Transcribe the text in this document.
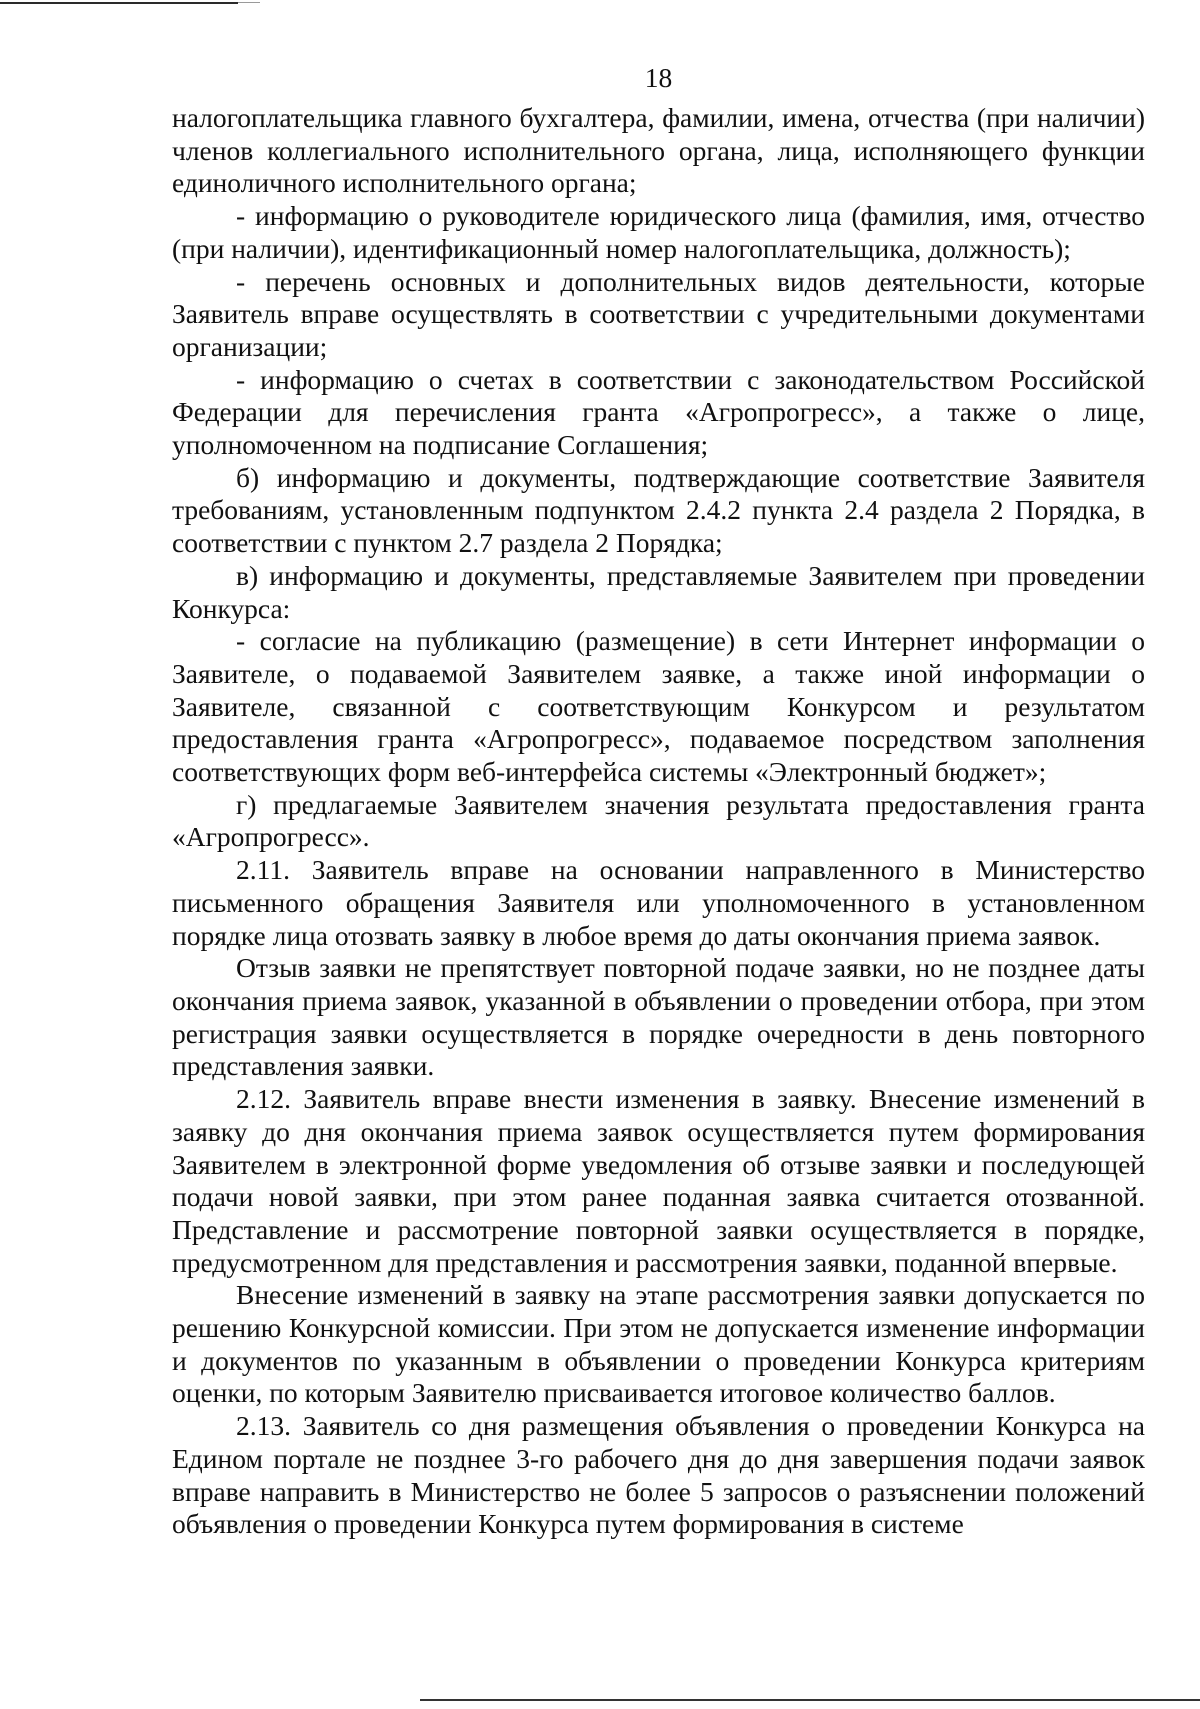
18

налогоплательщика главного бухгалтера, фамилии, имена, отчества (при наличии) членов коллегиального исполнительного органа, лица, исполняющего функции единоличного исполнительного органа;

- информацию о руководителе юридического лица (фамилия, имя, отчество (при наличии), идентификационный номер налогоплательщика, должность);

- перечень основных и дополнительных видов деятельности, которые Заявитель вправе осуществлять в соответствии с учредительными документами организации;

- информацию о счетах в соответствии с законодательством Российской Федерации для перечисления гранта «Агропрогресс», а также о лице, уполномоченном на подписание Соглашения;

б) информацию и документы, подтверждающие соответствие Заявителя требованиям, установленным подпунктом 2.4.2 пункта 2.4 раздела 2 Порядка, в соответствии с пунктом 2.7 раздела 2 Порядка;

в) информацию и документы, представляемые Заявителем при проведении Конкурса:

- согласие на публикацию (размещение) в сети Интернет информации о Заявителе, о подаваемой Заявителем заявке, а также иной информации о Заявителе, связанной с соответствующим Конкурсом и результатом предоставления гранта «Агропрогресс», подаваемое посредством заполнения соответствующих форм веб-интерфейса системы «Электронный бюджет»;

г) предлагаемые Заявителем значения результата предоставления гранта «Агропрогресс».

2.11. Заявитель вправе на основании направленного в Министерство письменного обращения Заявителя или уполномоченного в установленном порядке лица отозвать заявку в любое время до даты окончания приема заявок.

Отзыв заявки не препятствует повторной подаче заявки, но не позднее даты окончания приема заявок, указанной в объявлении о проведении отбора, при этом регистрация заявки осуществляется в порядке очередности в день повторного представления заявки.

2.12. Заявитель вправе внести изменения в заявку. Внесение изменений в заявку до дня окончания приема заявок осуществляется путем формирования Заявителем в электронной форме уведомления об отзыве заявки и последующей подачи новой заявки, при этом ранее поданная заявка считается отозванной. Представление и рассмотрение повторной заявки осуществляется в порядке, предусмотренном для представления и рассмотрения заявки, поданной впервые.

Внесение изменений в заявку на этапе рассмотрения заявки допускается по решению Конкурсной комиссии. При этом не допускается изменение информации и документов по указанным в объявлении о проведении Конкурса критериям оценки, по которым Заявителю присваивается итоговое количество баллов.

2.13. Заявитель со дня размещения объявления о проведении Конкурса на Едином портале не позднее 3-го рабочего дня до дня завершения подачи заявок вправе направить в Министерство не более 5 запросов о разъяснении положений объявления о проведении Конкурса путем формирования в системе
